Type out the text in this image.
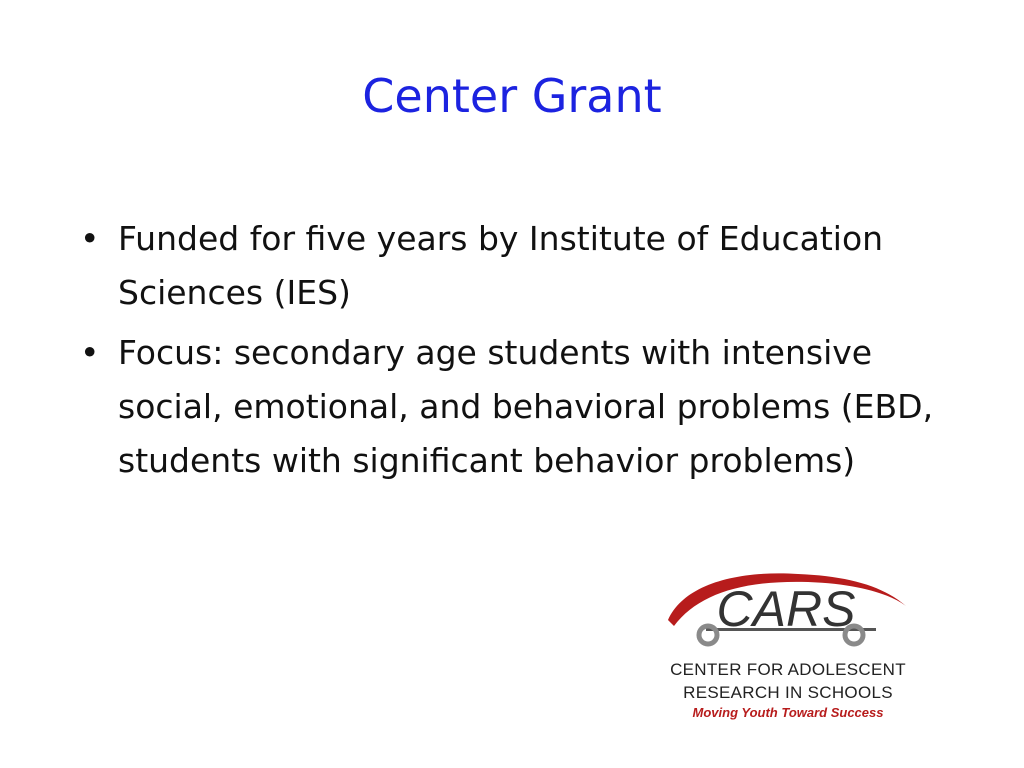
Center Grant
• Funded for five years by Institute of Education Sciences (IES)
• Focus: secondary age students with intensive social, emotional, and behavioral problems (EBD, students with significant behavior problems)
CARS
CENTER FOR ADOLESCENT
RESEARCH IN SCHOOLS
Moving Youth Toward Success
